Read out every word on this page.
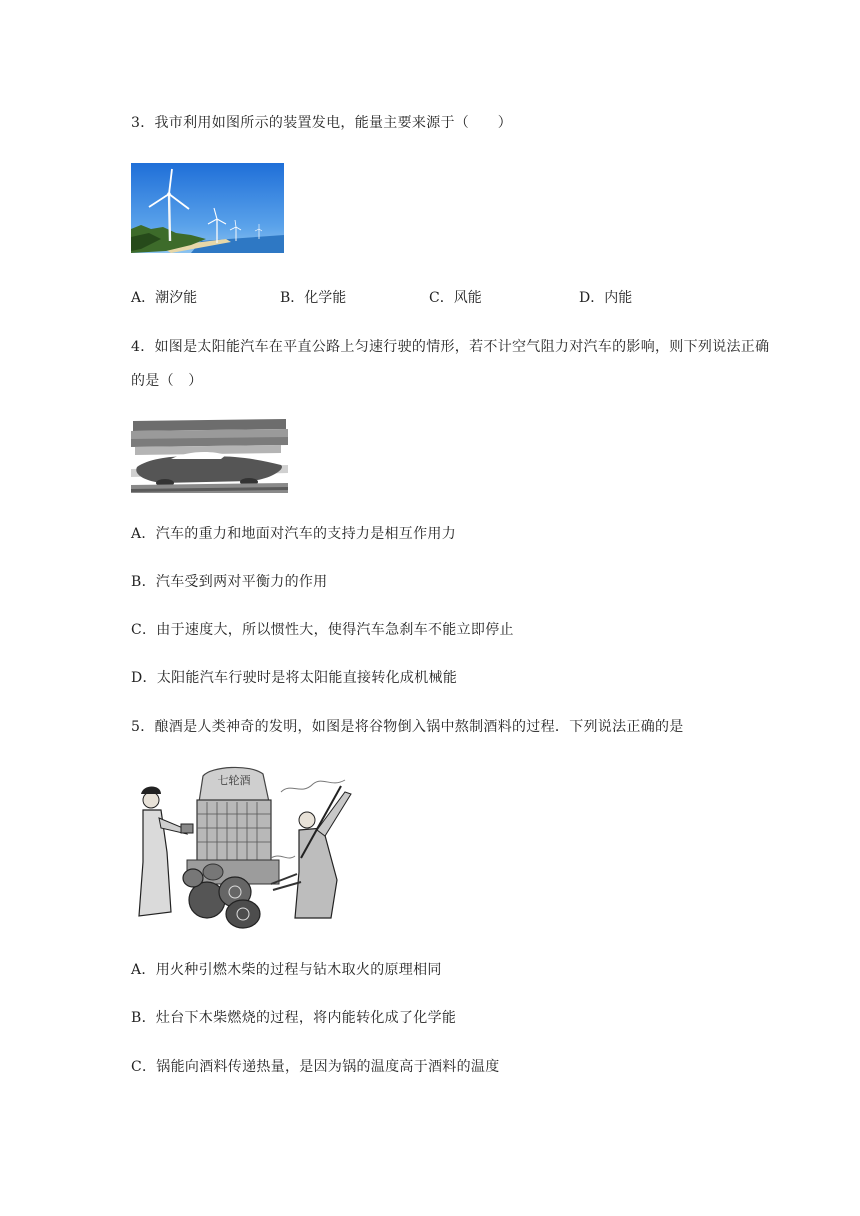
3．我市利用如图所示的装置发电，能量主要来源于（　　）
A．潮汐能	B．化学能	C．风能	D．内能
4．如图是太阳能汽车在平直公路上匀速行驶的情形，若不计空气阻力对汽车的影响，则下列说法正确
的是（　）
A．汽车的重力和地面对汽车的支持力是相互作用力
B．汽车受到两对平衡力的作用
C．由于速度大，所以惯性大，使得汽车急刹车不能立即停止
D．太阳能汽车行驶时是将太阳能直接转化成机械能
5．酿酒是人类神奇的发明，如图是将谷物倒入锅中熬制酒料的过程．下列说法正确的是
七轮酒
A．用火种引燃木柴的过程与钻木取火的原理相同
B．灶台下木柴燃烧的过程，将内能转化成了化学能
C．锅能向酒料传递热量，是因为锅的温度高于酒料的温度
